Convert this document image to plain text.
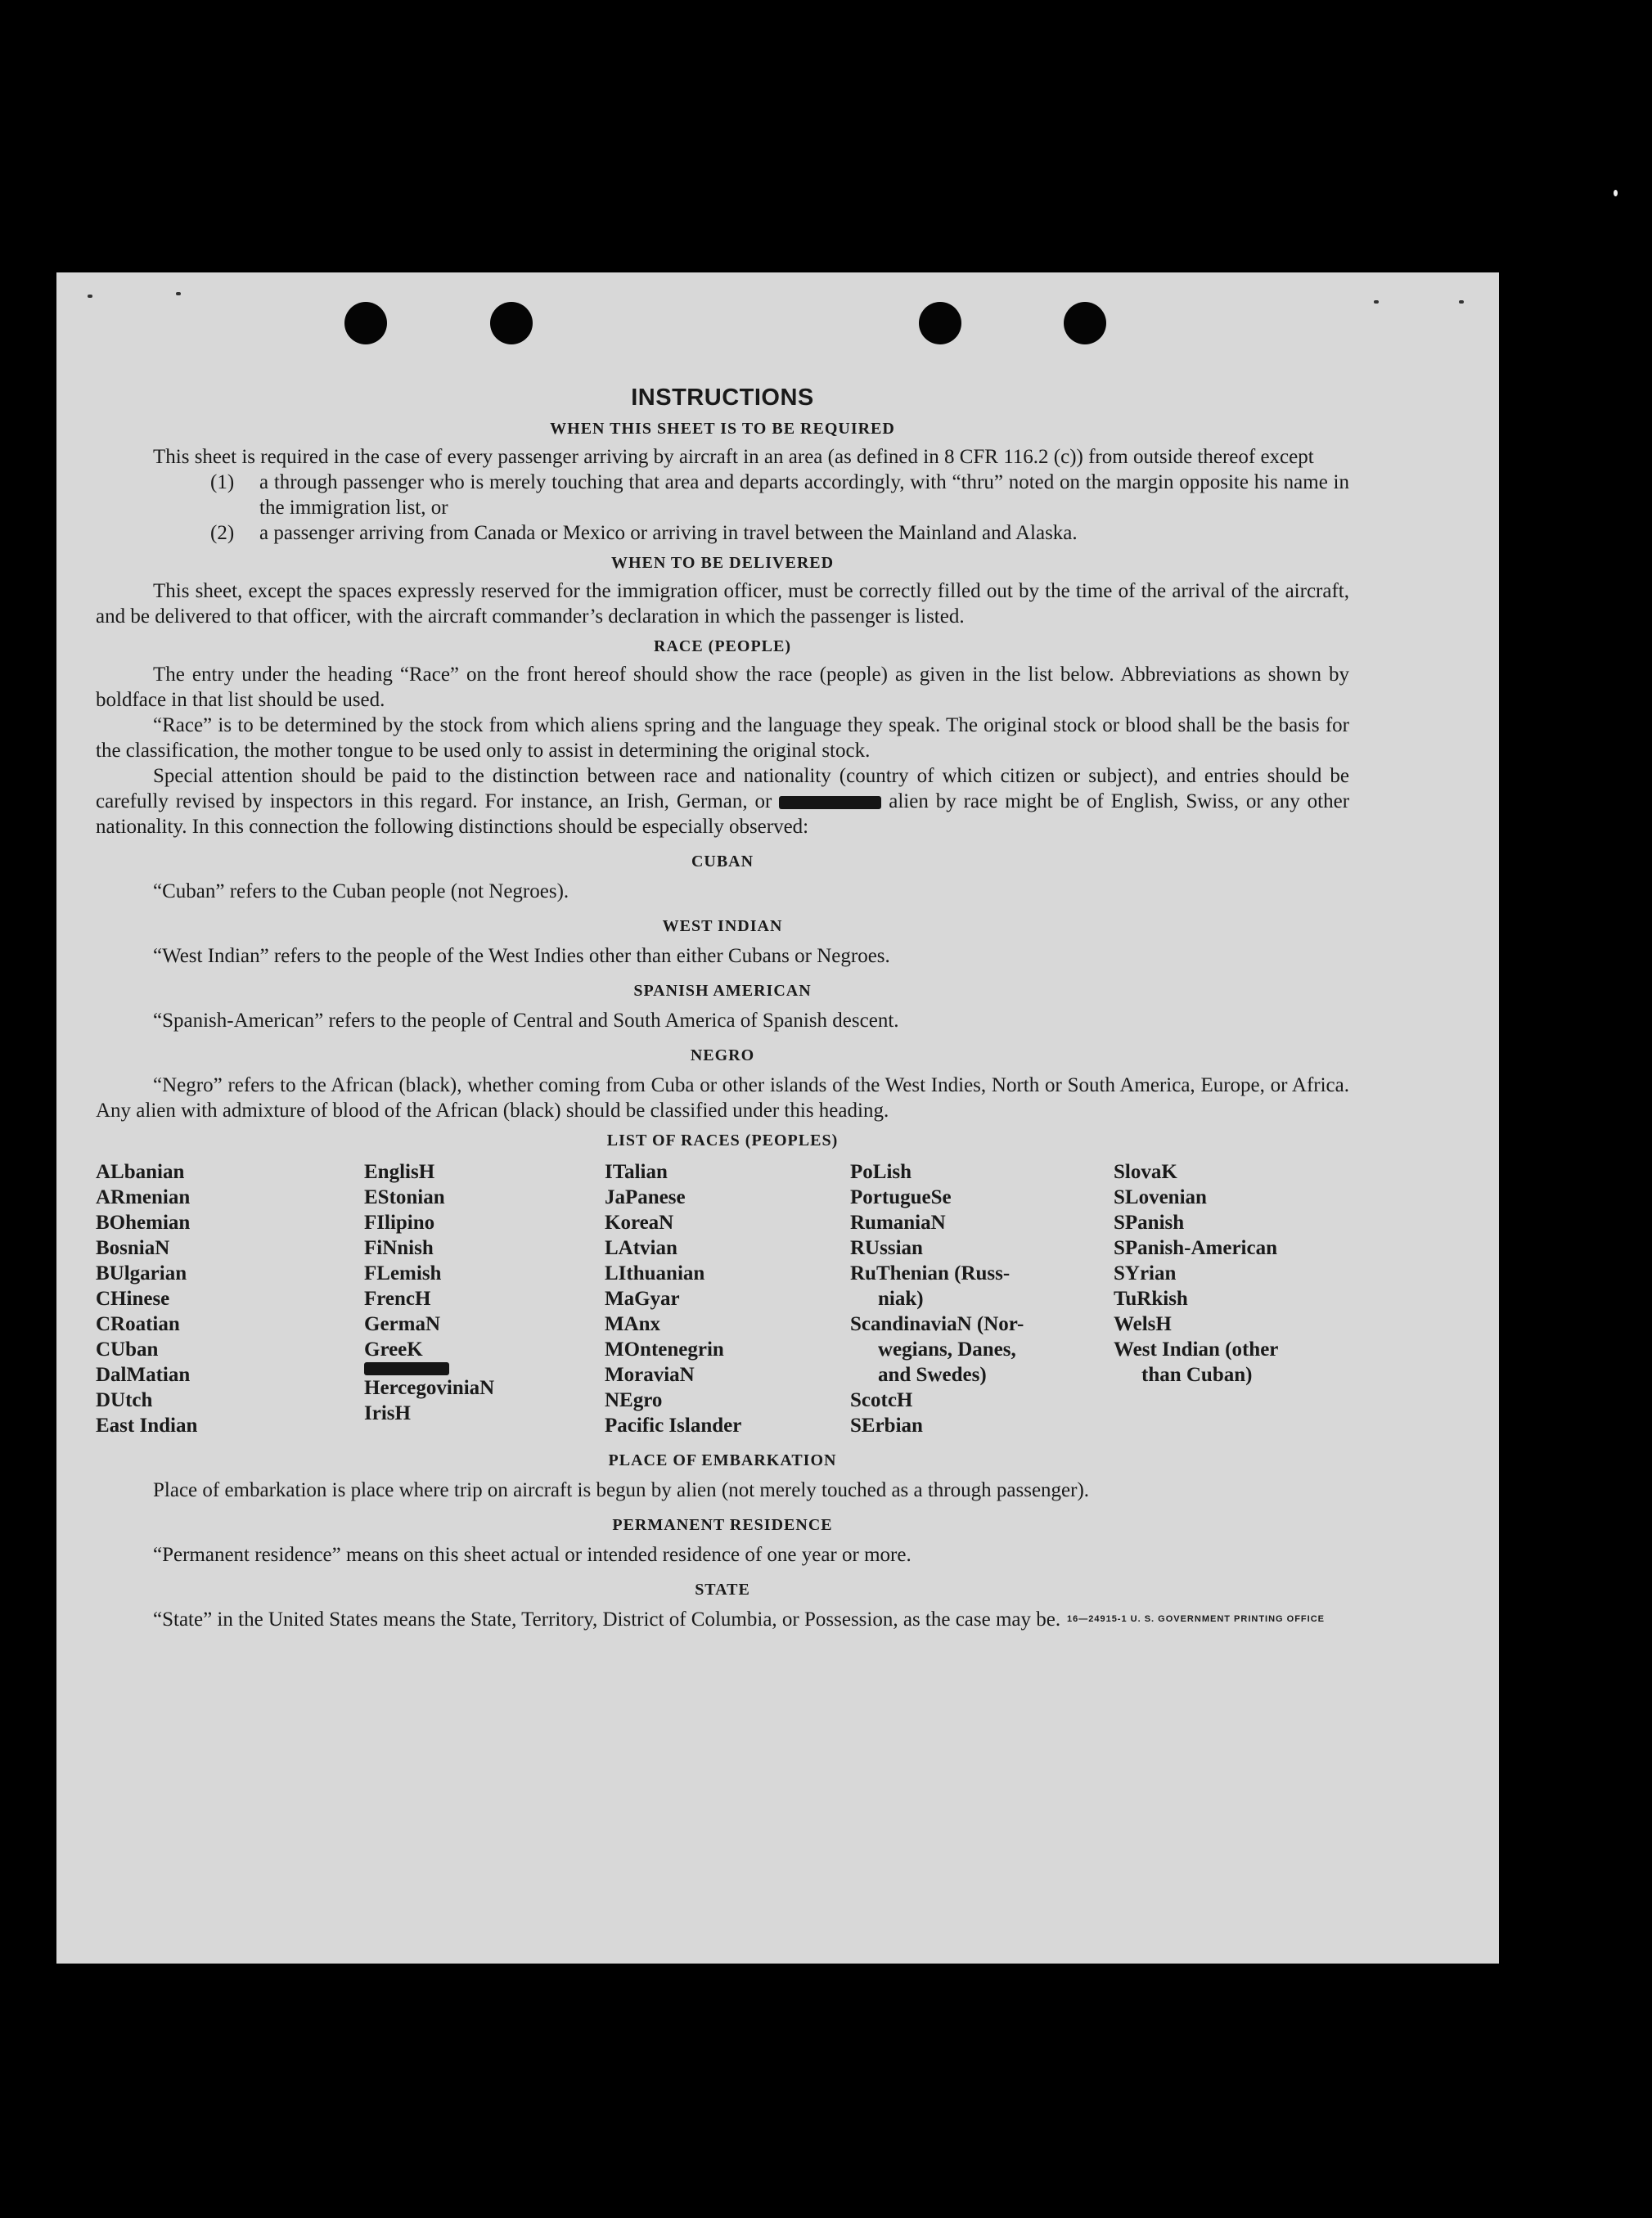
INSTRUCTIONS
WHEN THIS SHEET IS TO BE REQUIRED

This sheet is required in the case of every passenger arriving by aircraft in an area (as defined in 8 CFR 116.2 (c)) from outside thereof except

(1)	a through passenger who is merely touching that area and departs accordingly, with “thru” noted on the margin opposite his name in the immigration list, or
(2)	a passenger arriving from Canada or Mexico or arriving in travel between the Mainland and Alaska.
WHEN TO BE DELIVERED

This sheet, except the spaces expressly reserved for the immigration officer, must be correctly filled out by the time of the arrival of the aircraft, and be delivered to that officer, with the aircraft commander’s declaration in which the passenger is listed.

RACE (PEOPLE)

The entry under the heading “Race” on the front hereof should show the race (people) as given in the list below. Abbreviations as shown by boldface in that list should be used.

“Race” is to be determined by the stock from which aliens spring and the language they speak. The original stock or blood shall be the basis for the classification, the mother tongue to be used only to assist in determining the original stock.

Special attention should be paid to the distinction between race and nationality (country of which citizen or subject), and entries should be carefully revised by inspectors in this regard. For instance, an Irish, German, or	alien by race might be of English, Swiss, or any other nationality. In this connection the following distinctions should be especially observed:

CUBAN

“Cuban” refers to the Cuban people (not Negroes).

WEST INDIAN

“West Indian” refers to the people of the West Indies other than either Cubans or Negroes.

SPANISH AMERICAN

“Spanish-American” refers to the people of Central and South America of Spanish descent.

NEGRO

“Negro” refers to the African (black), whether coming from Cuba or other islands of the West Indies, North or South America, Europe, or Africa. Any alien with admixture of blood of the African (black) should be classified under this heading.

LIST OF RACES (PEOPLES)
ALbanian
ARmenian
BOhemian
BosniaN
BUlgarian
CHinese
CRoatian
CUban
DalMatian
DUtch
East Indian
EnglisH
EStonian
FIlipino
FiNnish
FLemish
FrencH
GermaN
GreeK
HercegoviniaN
IrisH
ITalian
JaPanese
KoreaN
LAtvian
LIthuanian
MaGyar
MAnx
MOntenegrin
MoraviaN
NEgro
Pacific Islander
PoLish
PortugueSe
RumaniaN
RUssian
RuThenian (Russ-
niak)
ScandinaviaN (Nor-
wegians, Danes,
and Swedes)
ScotcH
SErbian
SlovaK
SLovenian
SPanish
SPanish-American
SYrian
TuRkish
WelsH
West Indian (other
than Cuban)
PLACE OF EMBARKATION

Place of embarkation is place where trip on aircraft is begun by alien (not merely touched as a through passenger).

PERMANENT RESIDENCE

“Permanent residence” means on this sheet actual or intended residence of one year or more.

STATE

“State” in the United States means the State, Territory, District of Columbia, or Possession, as the case may be. 16—24915-1 U. S. GOVERNMENT PRINTING OFFICE
